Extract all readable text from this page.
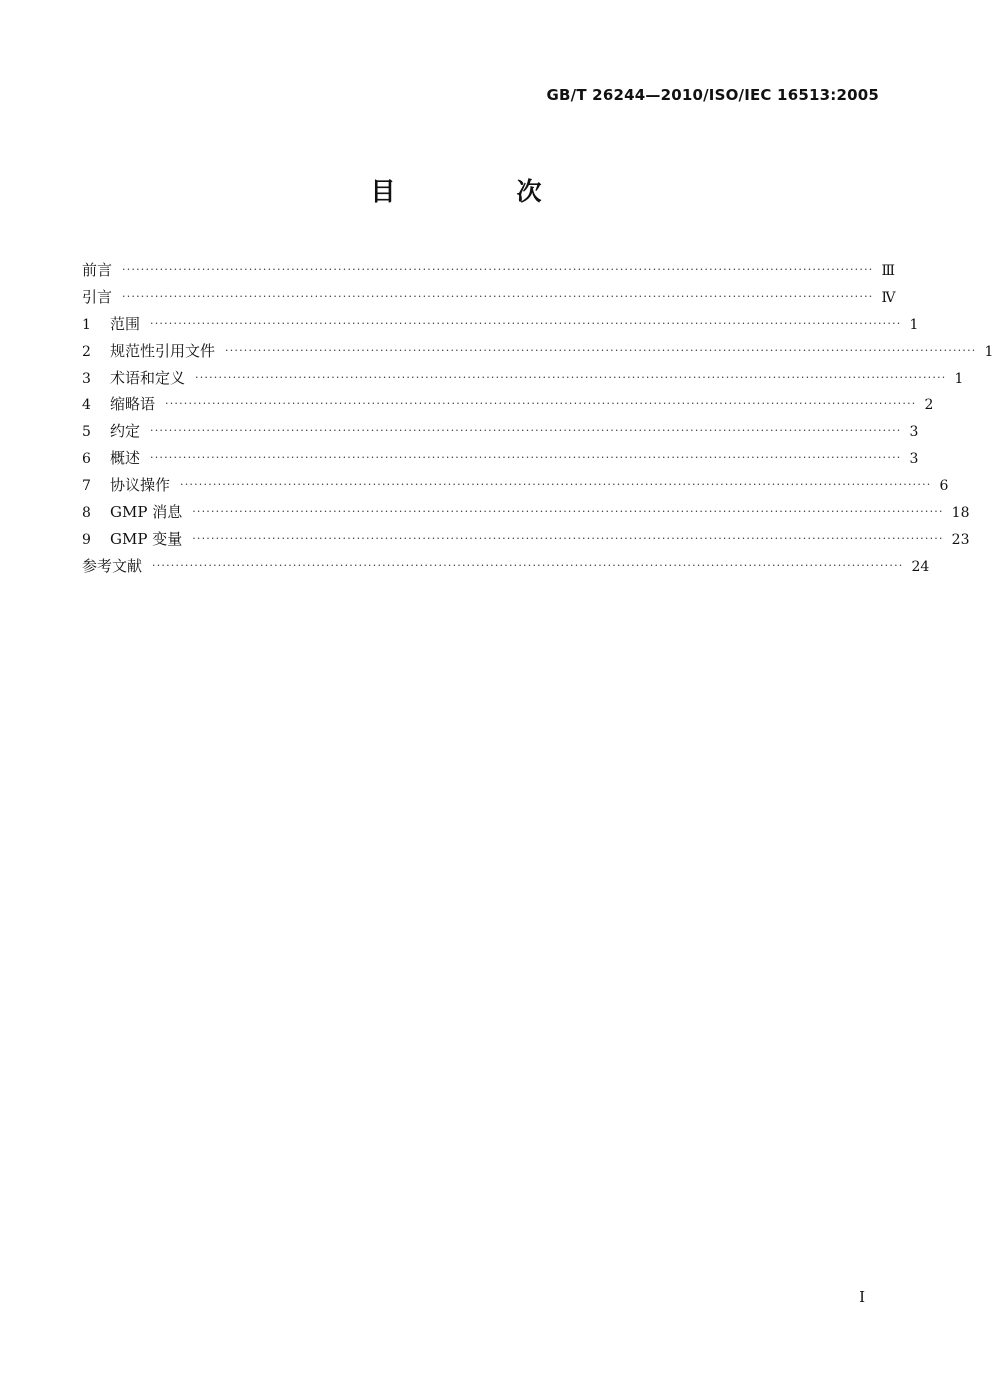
GB/T 26244—2010/ISO/IEC 16513:2005
目　次
前言 ································································································································································ Ⅲ
引言 ································································································································································ Ⅳ
1	范围 ································································································································································ 1
2	规范性引用文件 ································································································································································ 1
3	术语和定义 ································································································································································ 1
4	缩略语 ································································································································································ 2
5	约定 ································································································································································ 3
6	概述 ································································································································································ 3
7	协议操作 ································································································································································ 6
8	GMP 消息 ································································································································································ 18
9	GMP 变量 ································································································································································ 23
参考文献 ································································································································································ 24
I
